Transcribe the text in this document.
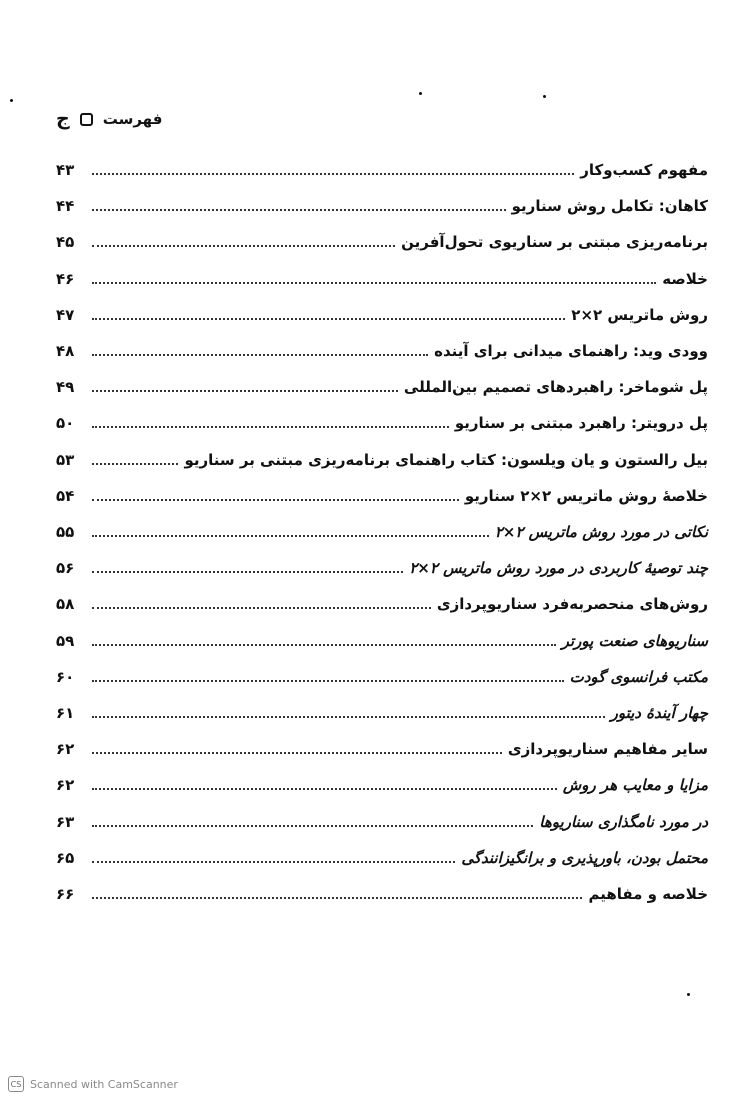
ج فهرست
۴۳	مفهوم کسب‌وکار
۴۴	کاهان: تکامل روش سناریو
۴۵	برنامه‌ریزی مبتنی بر سناریوی تحول‌آفرین
۴۶	خلاصه
۴۷	روش ماتریس ۲×۲
۴۸	وودی وید: راهنمای میدانی برای آینده
۴۹	پل شوماخر: راهبردهای تصمیم بین‌المللی
۵۰	پل درویتر: راهبرد مبتنی بر سناریو
۵۳	بیل رالستون و یان ویلسون: کتاب راهنمای برنامه‌ریزی مبتنی بر سناریو
۵۴	خلاصهٔ روش ماتریس ۲×۲ سناریو
۵۵	نکاتی در مورد روش ماتریس ۲×۲
۵۶	چند توصیهٔ کاربردی در مورد روش ماتریس ۲×۲
۵۸	روش‌های منحصربه‌فرد سناریوپردازی
۵۹	سناریوهای صنعت پورتر
۶۰	مکتب فرانسوی گودت
۶۱	چهار آیندهٔ دیتور
۶۲	سایر مفاهیم سناریوپردازی
۶۲	مزایا و معایب هر روش
۶۳	در مورد نامگذاری سناریوها
۶۵	محتمل بودن، باورپذیری و برانگیزانندگی
۶۶	خلاصه و مفاهیم
CS Scanned with CamScanner
